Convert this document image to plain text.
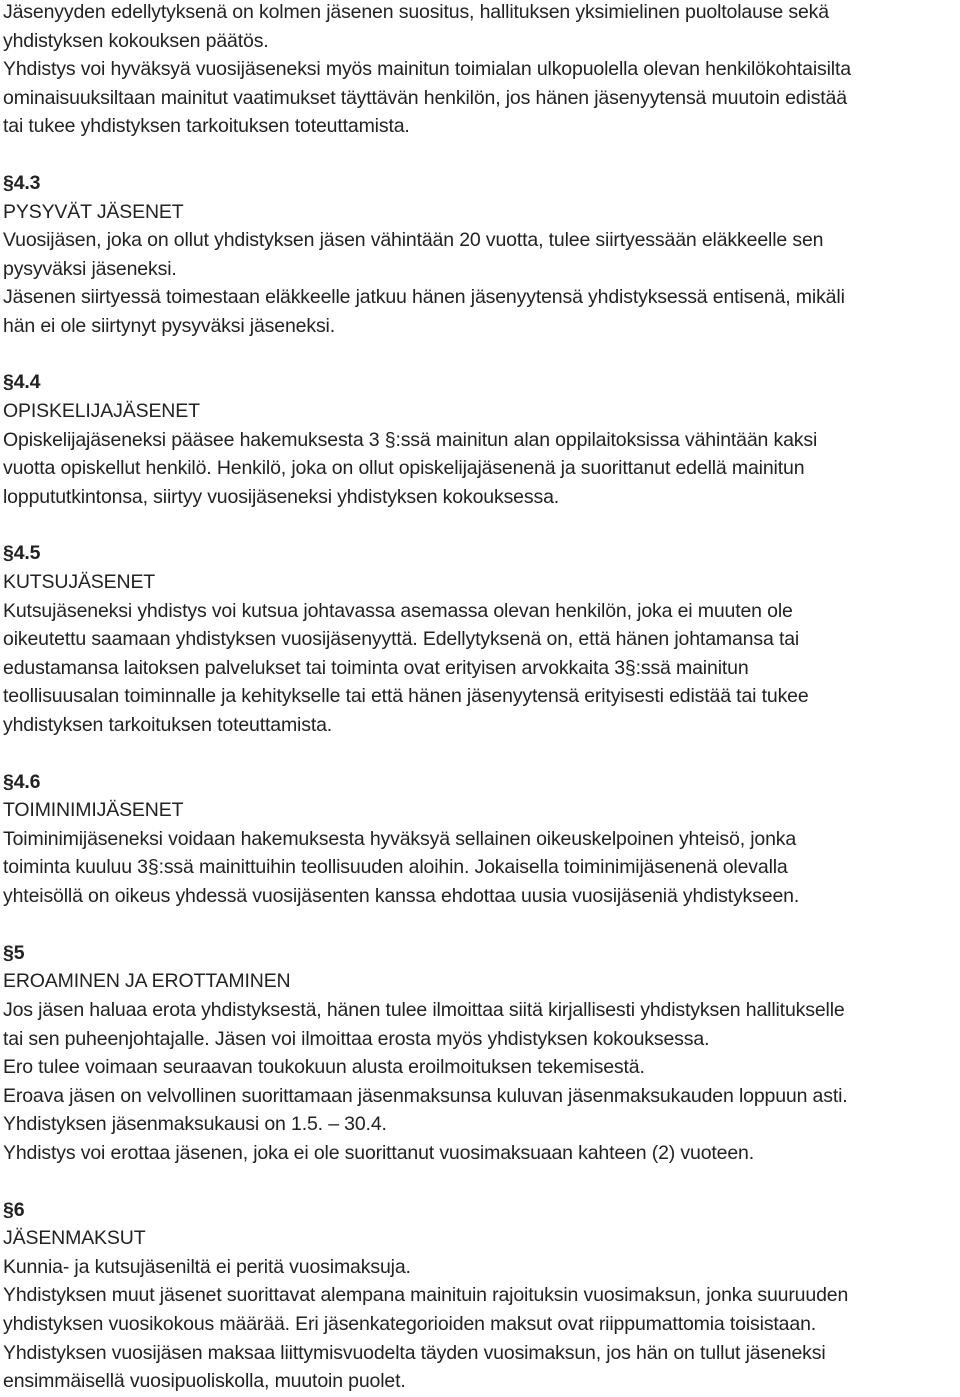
Jäsenyyden edellytyksenä on kolmen jäsenen suositus, hallituksen yksimielinen puoltolause sekä
yhdistyksen kokouksen päätös.
Yhdistys voi hyväksyä vuosijäseneksi myös mainitun toimialan ulkopuolella olevan henkilökohtaisilta
ominaisuuksiltaan mainitut vaatimukset täyttävän henkilön, jos hänen jäsenyytensä muutoin edistää
tai tukee yhdistyksen tarkoituksen toteuttamista.
§4.3
PYSYVÄT JÄSENET
Vuosijäsen, joka on ollut yhdistyksen jäsen vähintään 20 vuotta, tulee siirtyessään eläkkeelle sen
pysyväksi jäseneksi.
Jäsenen siirtyessä toimestaan eläkkeelle jatkuu hänen jäsenyytensä yhdistyksessä entisenä, mikäli
hän ei ole siirtynyt pysyväksi jäseneksi.
§4.4
OPISKELIJAJÄSENET
Opiskelijajäseneksi pääsee hakemuksesta 3 §:ssä mainitun alan oppilaitoksissa vähintään kaksi
vuotta opiskellut henkilö. Henkilö, joka on ollut opiskelijajäsenenä ja suorittanut edellä mainitun
loppututkintonsa, siirtyy vuosijäseneksi yhdistyksen kokouksessa.
§4.5
KUTSUJÄSENET
Kutsujäseneksi yhdistys voi kutsua johtavassa asemassa olevan henkilön, joka ei muuten ole
oikeutettu saamaan yhdistyksen vuosijäsenyyttä. Edellytyksenä on, että hänen johtamansa tai
edustamansa laitoksen palvelukset tai toiminta ovat erityisen arvokkaita 3§:ssä mainitun
teollisuusalan toiminnalle ja kehitykselle tai että hänen jäsenyytensä erityisesti edistää tai tukee
yhdistyksen tarkoituksen toteuttamista.
§4.6
TOIMINIMIJÄSENET
Toiminimijäseneksi voidaan hakemuksesta hyväksyä sellainen oikeuskelpoinen yhteisö, jonka
toiminta kuuluu 3§:ssä mainittuihin teollisuuden aloihin. Jokaisella toiminimijäsenenä olevalla
yhteisöllä on oikeus yhdessä vuosijäsenten kanssa ehdottaa uusia vuosijäseniä yhdistykseen.
§5
EROAMINEN JA EROTTAMINEN
Jos jäsen haluaa erota yhdistyksestä, hänen tulee ilmoittaa siitä kirjallisesti yhdistyksen hallitukselle
tai sen puheenjohtajalle. Jäsen voi ilmoittaa erosta myös yhdistyksen kokouksessa.
Ero tulee voimaan seuraavan toukokuun alusta eroilmoituksen tekemisestä.
Eroava jäsen on velvollinen suorittamaan jäsenmaksunsa kuluvan jäsenmaksukauden loppuun asti.
Yhdistyksen jäsenmaksukausi on 1.5. – 30.4.
Yhdistys voi erottaa jäsenen, joka ei ole suorittanut vuosimaksuaan kahteen (2) vuoteen.
§6
JÄSENMAKSUT
Kunnia- ja kutsujäseniltä ei peritä vuosimaksuja.
Yhdistyksen muut jäsenet suorittavat alempana mainituin rajoituksin vuosimaksun, jonka suuruuden
yhdistyksen vuosikokous määrää. Eri jäsenkategorioiden maksut ovat riippumattomia toisistaan.
Yhdistyksen vuosijäsen maksaa liittymisvuodelta täyden vuosimaksun, jos hän on tullut jäseneksi
ensimmäisellä vuosipuoliskolla, muutoin puolet.
